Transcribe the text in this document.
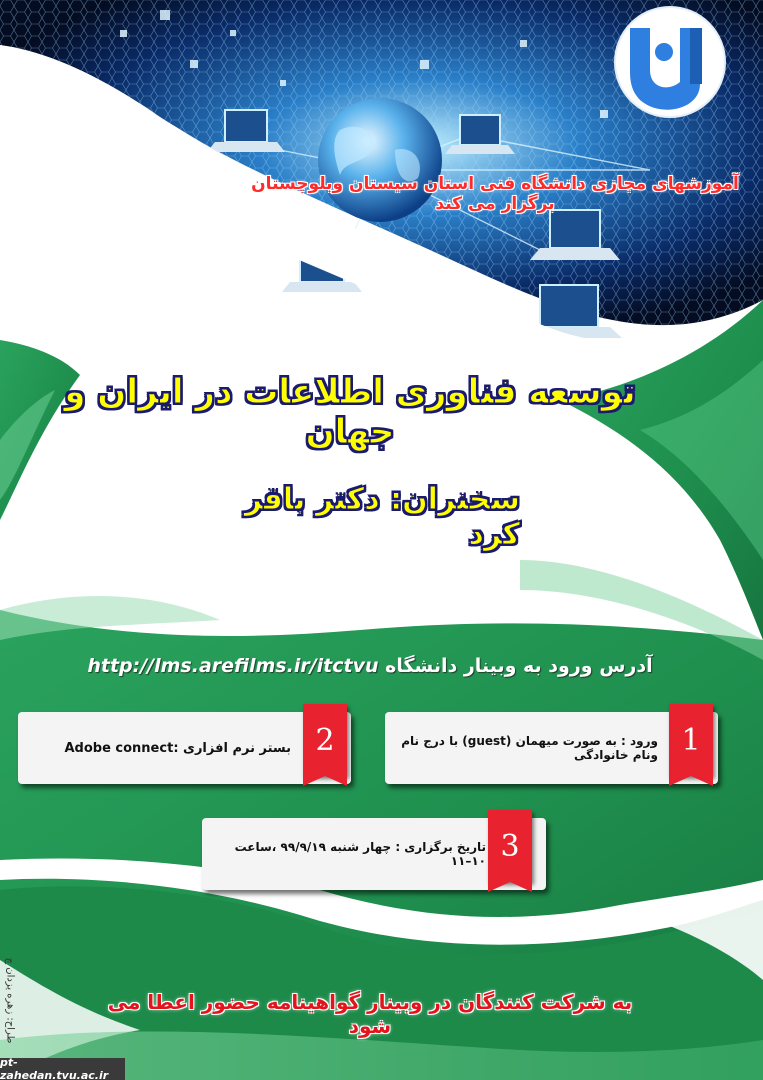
آموزشهای مجازی دانشگاه فنی استان سیستان وبلوچستان برگزار می کند
توسعه فناوری اطلاعات در ایران و جهان
سخنران: دکتر باقر کرد
http://lms.arefilms.ir/itctvu آدرس ورود به وبینار دانشگاه
ورود : به صورت میهمان (guest) با درج نام ونام خانوادگی 1
بستر نرم افزاری :Adobe connect 2
تاریخ برگزاری : چهار شنبه ۹۹/۹/۱۹ ،ساعت ۱۰–۱۱ 3
به شرکت کنندگان در وبینار گواهینامه حضور اعطا می شود
طراح: زهره یزدان چ
pt-zahedan.tvu.ac.ir
